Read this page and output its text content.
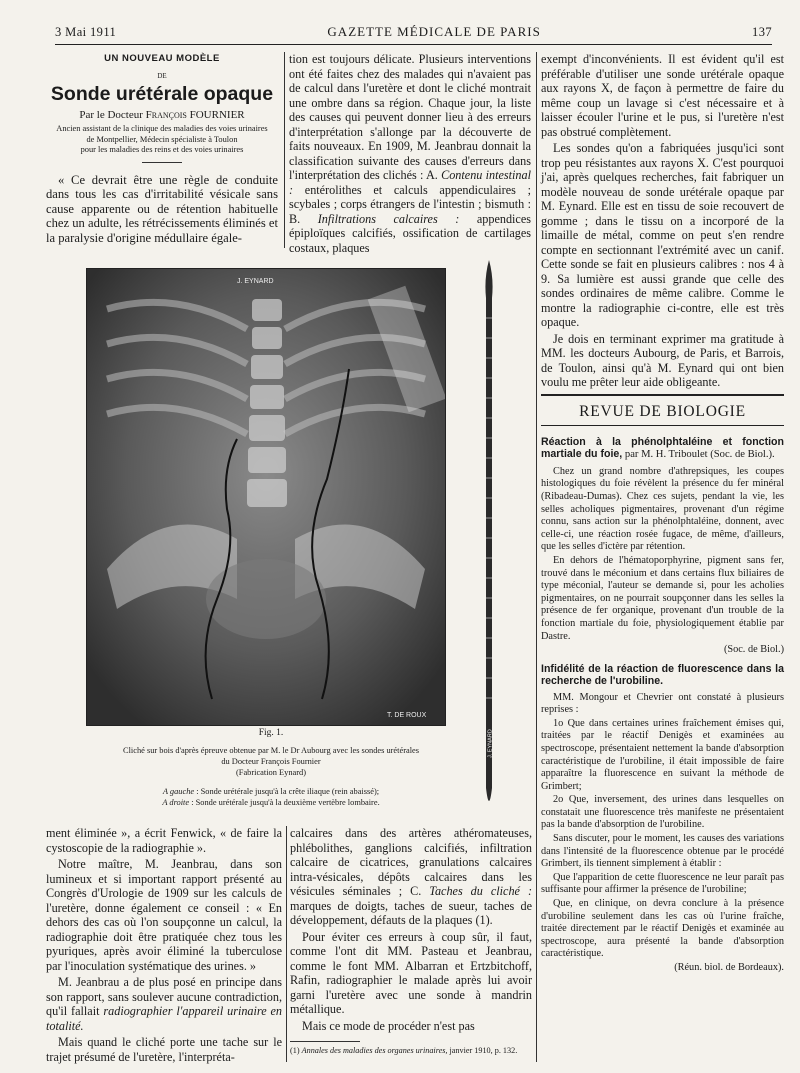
3 Mai 1911	GAZETTE MÉDICALE DE PARIS	137
UN NOUVEAU MODÈLE
DE
Sonde urétérale opaque
Par le Docteur François FOURNIER
Ancien assistant de la clinique des maladies des voies urinaires
de Montpellier, Médecin spécialiste à Toulon
pour les maladies des reins et des voies urinaires

« Ce devrait être une règle de conduite dans tous les cas d'irritabilité vésicale sans cause apparente ou de rétention habituelle chez un adulte, les rétrécissements éliminés et la paralysie d'origine médullaire égale-

tion est toujours délicate. Plusieurs interventions ont été faites chez des malades qui n'avaient pas de calcul dans l'uretère et dont le cliché montrait une ombre dans sa région. Chaque jour, la liste des causes qui peuvent donner lieu à des erreurs d'interprétation s'allonge par la découverte de faits nouveaux. En 1909, M. Jeanbrau donnait la classification suivante des causes d'erreurs dans l'interprétation des clichés : A. Contenu intestinal : entérolithes et calculs appendiculaires ; scybales ; corps étrangers de l'intestin ; bismuth : B. Infiltrations calcaires : appendices épiploïques calcifiés, ossification de cartilages costaux, plaques

J. EYNARD
T. DE ROUX
J. EYNARD
Fig. 1.
Cliché sur bois d'après épreuve obtenue par M. le Dr Aubourg avec les sondes urétérales
du Docteur François Fournier
(Fabrication Eynard)
A gauche : Sonde urétérale jusqu'à la crête iliaque (rein abaissé);
A droite : Sonde urétérale jusqu'à la deuxième vertèbre lombaire.

ment éliminée », a écrit Fenwick, « de faire la cystoscopie de la radiographie ».

Notre maître, M. Jeanbrau, dans son lumineux et si important rapport présenté au Congrès d'Urologie de 1909 sur les calculs de l'uretère, donne également ce conseil : « En dehors des cas où l'on soupçonne un calcul, la radiographie doit être pratiquée chez tous les pyuriques, après avoir éliminé la tuberculose par l'inoculation systématique des urines. »

M. Jeanbrau a de plus posé en principe dans son rapport, sans soulever aucune contradiction, qu'il fallait radiographier l'appareil urinaire en totalité.

Mais quand le cliché porte une tache sur le trajet présumé de l'uretère, l'interpréta-

calcaires dans des artères athéromateuses, phlébolithes, ganglions calcifiés, infiltration calcaire de cicatrices, granulations calcaires intra-vésicales, dépôts calcaires dans les vésicules séminales ; C. Taches du cliché : marques de doigts, taches de sueur, taches de développement, défauts de la plaques (1).

Pour éviter ces erreurs à coup sûr, il faut, comme l'ont dit MM. Pasteau et Jeanbrau, comme le font MM. Albarran et Ertzbitchoff, Rafin, radiographier le malade après lui avoir garni l'uretère avec une sonde à mandrin métallique.

Mais ce mode de procéder n'est pas

(1) Annales des maladies des organes urinaires, janvier 1910, p. 132.

exempt d'inconvénients. Il est évident qu'il est préférable d'utiliser une sonde urétérale opaque aux rayons X, de façon à permettre de faire du même coup un lavage si c'est nécessaire et à laisser écouler l'urine et le pus, si l'uretère n'est pas obstrué complètement.

Les sondes qu'on a fabriquées jusqu'ici sont trop peu résistantes aux rayons X. C'est pourquoi j'ai, après quelques recherches, fait fabriquer un modèle nouveau de sonde urétérale opaque par M. Eynard. Elle est en tissu de soie recouvert de gomme ; dans le tissu on a incorporé de la limaille de métal, comme on peut s'en rendre compte en sectionnant l'extrémité avec un canif. Cette sonde se fait en plusieurs calibres : nos 4 à 9. Sa lumière est aussi grande que celle des sondes ordinaires de même calibre. Comme le montre la radiographie ci-contre, elle est très opaque.

Je dois en terminant exprimer ma gratitude à MM. les docteurs Aubourg, de Paris, et Barrois, de Toulon, ainsi qu'à M. Eynard qui ont bien voulu me prêter leur aide obligeante.

REVUE DE BIOLOGIE
Réaction à la phénolphtaléine et fonction martiale du foie, par M. H. Triboulet (Soc. de Biol.).

Chez un grand nombre d'athrepsiques, les coupes histologiques du foie révèlent la présence du fer minéral (Ribadeau-Dumas). Chez ces sujets, pendant la vie, les selles acholiques pigmentaires, provenant d'un régime connu, sans action sur la phénolphtaléine, donnent, avec celle-ci, une réaction rosée fugace, de même, d'ailleurs, que les selles d'ictère par rétention.

En dehors de l'hématoporphyrine, pigment sans fer, trouvé dans le méconium et dans certains flux biliaires de type méconial, l'auteur se demande si, pour les acholies pigmentaires, on ne pourrait soupçonner dans les selles la présence de fer organique, provenant d'un trouble de la fonction martiale du foie, physiologiquement établie par Dastre.

(Soc. de Biol.)
Infidélité de la réaction de fluorescence dans la recherche de l'urobiline.

MM. Mongour et Chevrier ont constaté à plusieurs reprises :

1o Que dans certaines urines fraîchement émises qui, traitées par le réactif Denigès et examinées au spectroscope, présentaient nettement la bande d'absorption caractéristique de l'urobiline, il était impossible de faire apparaître la fluorescence en suivant la méthode de Grimbert;

2o Que, inversement, des urines dans lesquelles on constatait une fluorescence très manifeste ne présentaient pas la bande d'absorption de l'urobiline.

Sans discuter, pour le moment, les causes des variations dans l'intensité de la fluorescence obtenue par le procédé Grimbert, ils tiennent simplement à établir :

Que l'apparition de cette fluorescence ne leur paraît pas suffisante pour affirmer la présence de l'urobiline;

Que, en clinique, on devra conclure à la présence d'urobiline seulement dans les cas où l'urine fraîche, traitée directement par le réactif Denigès et examinée au spectroscope, aura présenté la bande d'absorption caractéristique.

(Réun. biol. de Bordeaux).
